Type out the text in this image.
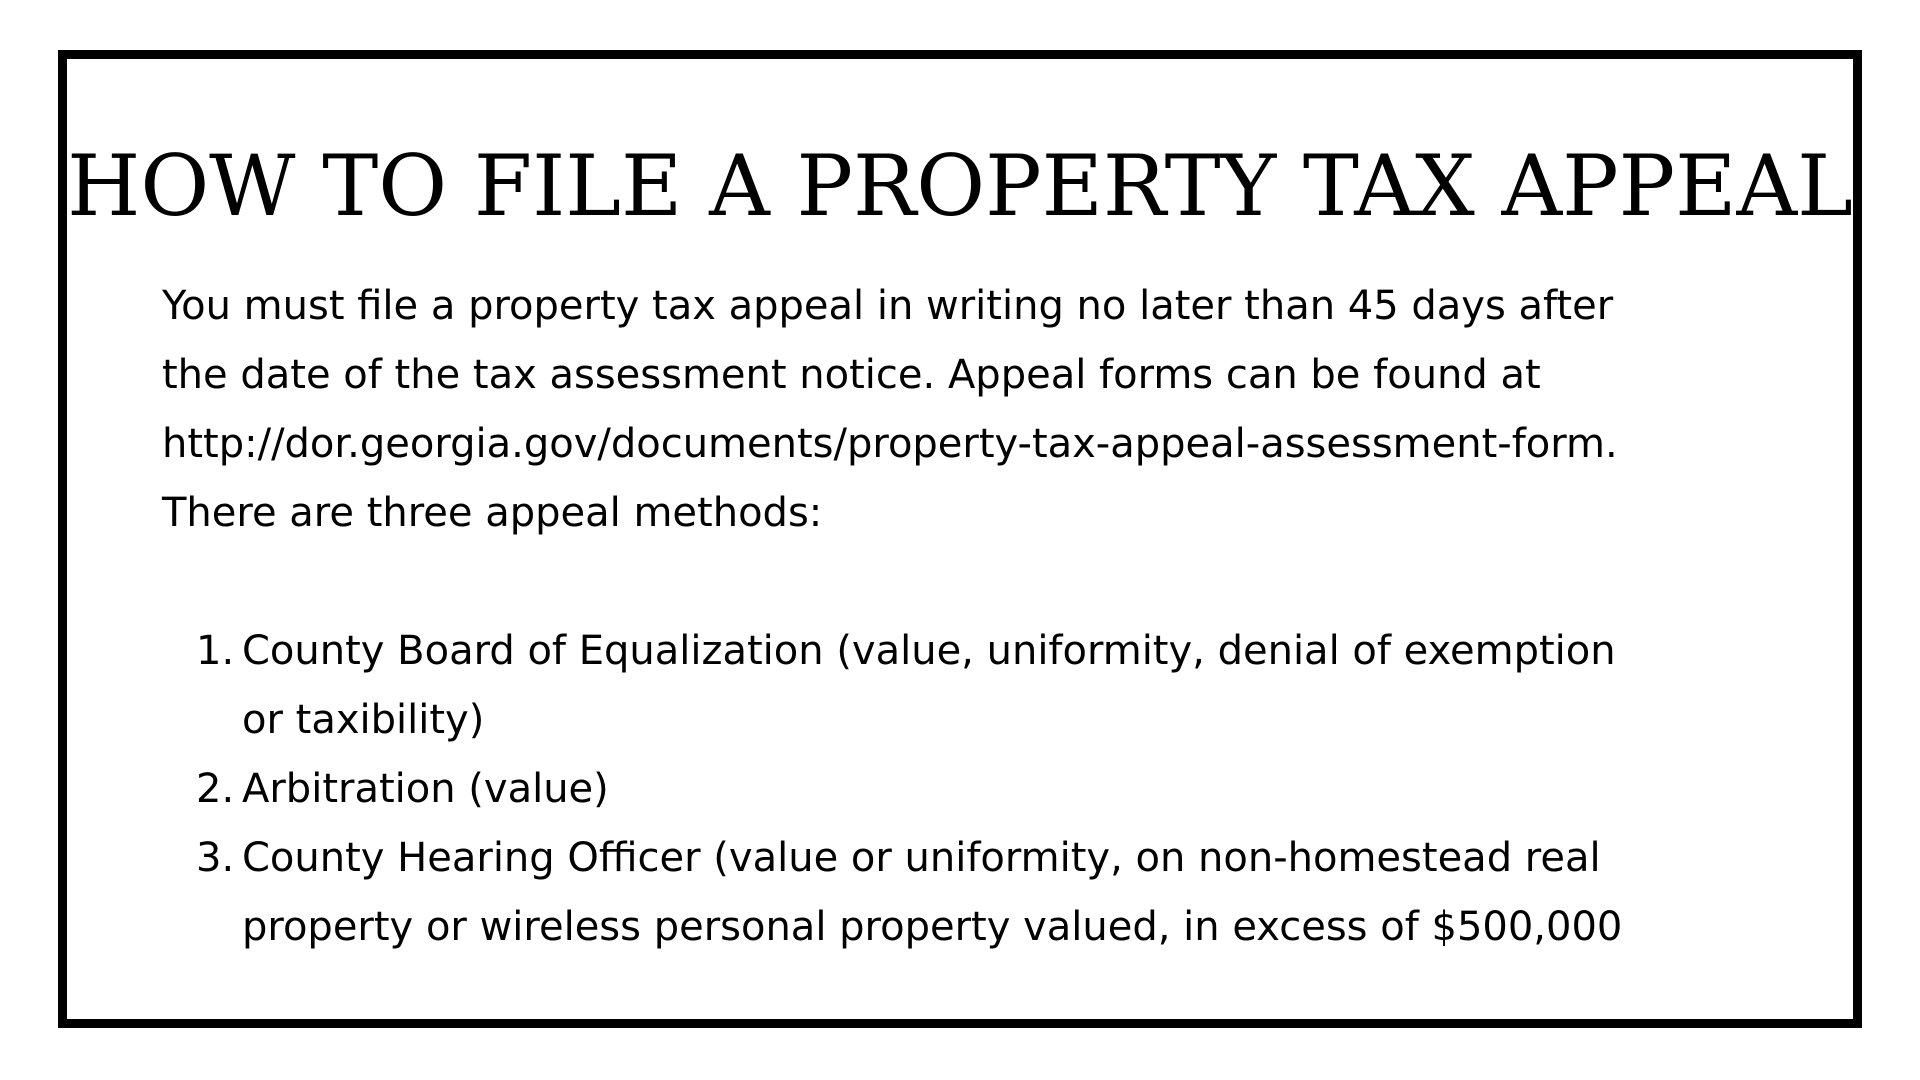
HOW TO FILE A PROPERTY TAX APPEAL
You must file a property tax appeal in writing no later than 45 days after
the date of the tax assessment notice. Appeal forms can be found at
http://dor.georgia.gov/documents/property-tax-appeal-assessment-form.
There are three appeal methods:
1. County Board of Equalization (value, uniformity, denial of exemption
or taxibility)
2. Arbitration (value)
3. County Hearing Officer (value or uniformity, on non-homestead real
property or wireless personal property valued, in excess of $500,000
